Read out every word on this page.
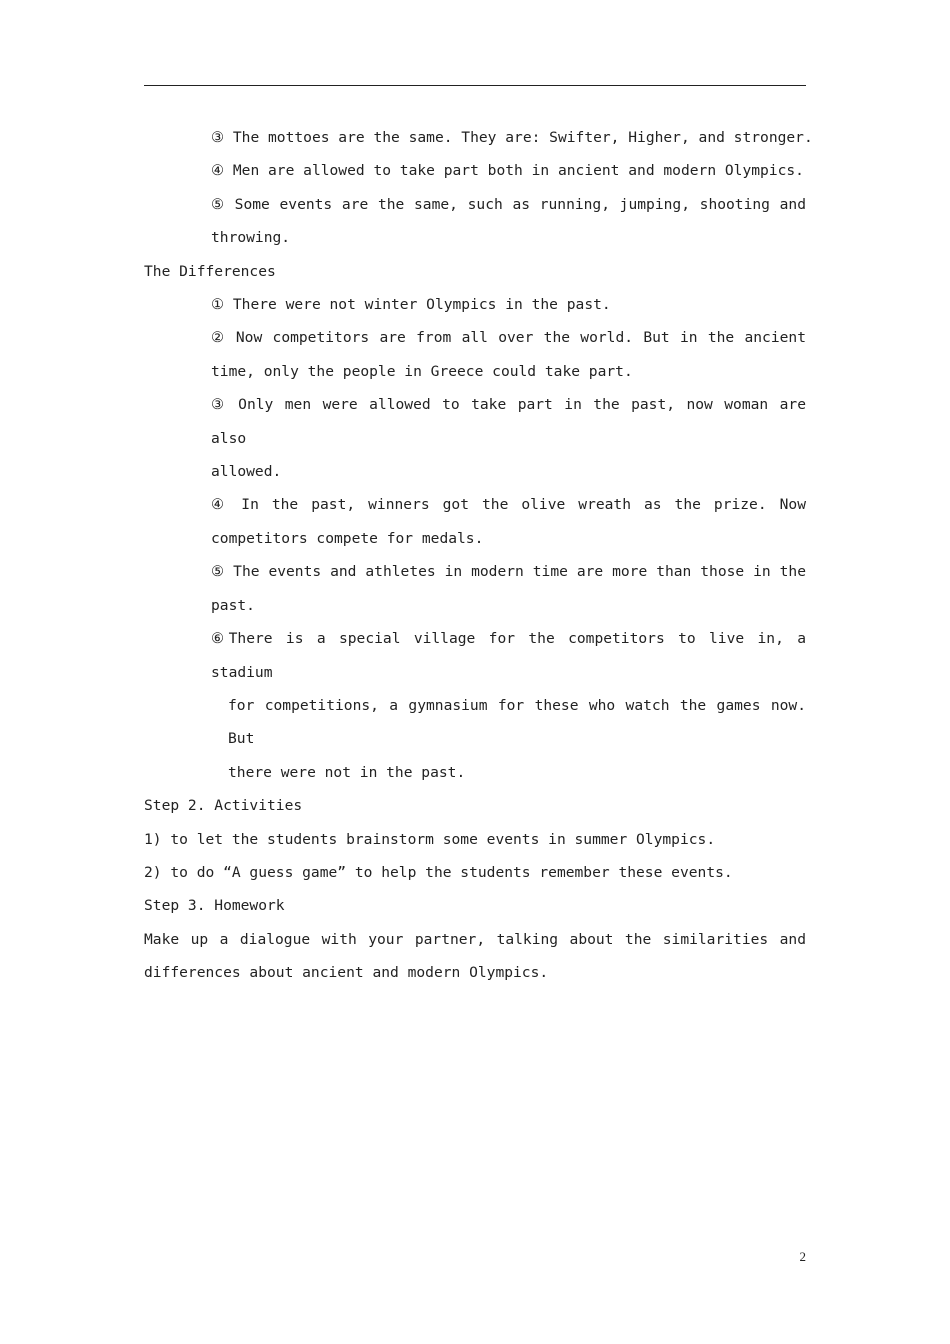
③ The mottoes are the same. They are: Swifter, Higher, and stronger.
④ Men are allowed to take part both in ancient and modern Olympics.
⑤ Some events are the same, such as running, jumping, shooting and
throwing.
The Differences
① There were not winter Olympics in the past.
② Now competitors are from all over the world. But in the ancient
time, only the people in Greece could take part.
③ Only men were allowed to take part in the past, now woman are also
allowed.
④ In the past, winners got the olive wreath as the prize. Now
competitors compete for medals.
⑤ The events and athletes in modern time are more than those in the
past.
⑥There is a special village for the competitors to live in, a stadium
for competitions, a gymnasium for these who watch the games now. But
there were not in the past.
Step 2. Activities
1) to let the students brainstorm some events in summer Olympics.
2) to do “A guess game” to help the students remember these events.
Step 3. Homework
Make up a dialogue with your partner, talking about the similarities and
differences about ancient and modern Olympics.
2
